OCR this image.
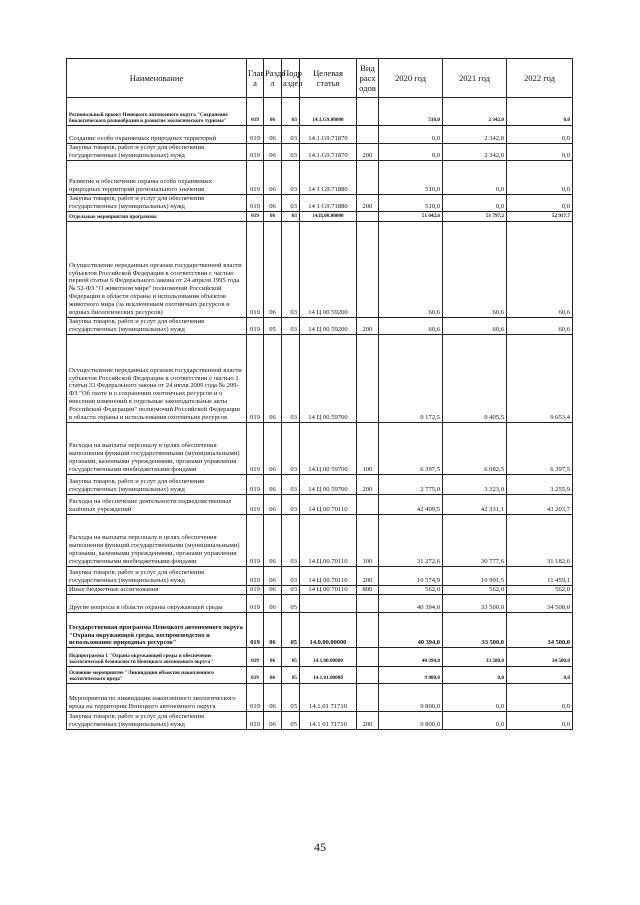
Наименование	Глав а	Разде л	Подр аздел	Целевая статья	Вид расх одов	2020 год	2021 год	2022 год
Региональный проект Ненецкого автономного округа "Сохранение биологического разнообразия и развитие экологического туризма"	019	06	03	14.1.G9.00000		510,0	2 342,0	0,0
Создание особо охраняемых природных территорий	019	06	03	14.1.G9.71870		0,0	2 342,0	0,0
Закупка товаров, работ и услуг для обеспечения государственных (муниципальных) нужд	019	06	03	14.1.G9.71870	200	0,0	2 342,0	0,0
Развитие и обеспечение охраны особо охраняемых природных территорий регионального значения	019	06	03	14 1 G9.71880		510,0	0,0	0,0
Закупка товаров, работ и услуг для обеспечения государственных (муниципальных) нужд	019	06	03	14 1 G9.71880	200	510,0	0,0	0,0
Отдельные мероприятия программы	019	06	03	14.Ц.00.00000		51 642,6	51 797,2	52 917,7
Осуществление переданных органам государственной власти субъектов Российской Федерации в соответствии с частью первой статьи 6 Федерального закона от 24 апреля 1995 года № 52-ФЗ "О животном мире" полномочий Российской Федерации в области охраны и использования объектов животного мира (за исключением охотничьих ресурсов и водных биологических ресурсов)	019	06	03	14 Ц 00 59200		60,6	60,6	60,6
Закупка товаров, работ и услуг для обеспечения государственных (муниципальных) нужд	019	05	03	14 Ц 00 59200	200	60,6	60,6	60,6
Осуществление переданных органам государственной власти субъектов Российской Федерации в соответствии с частью 1 статьи 33 Федерального закона от 24 июля 2009 года № 209-ФЗ "Об охоте и о сохранении охотничьих ресурсов и о внесении изменений в отдельные законодательные акты Российской Федерации" полномочий Российской Федерации в области охраны и использования охотничьих ресурсов	019	06	03	14 Ц 00.59700		9 172,5	9 405,5	9 653,4
Расходы на выплаты персоналу в целях обеспечения выполнения функций государственными (муниципальными) органами, казенными учреждениями, органами управления государственными внебюджетными фондами	019	06	03	14.Ц.00 59700	100	6 397,5	6 082,5	6 397,5
Закупка товаров, работ и услуг для обеспечения государственных (муниципальных) нужд	019	06	03	14 Ц 00 59700	200	2 775,0	3 323,0	3 255,9
Расходы на обеспечение деятельности подведомственных казённых учреждений	019	06	03	14 Ц 00 70110		42 409,5	42 331,1	43 203,7
Расходы на выплаты персоналу в целях обеспечения выполнения функций государственными (муниципальными) органами, казенными учреждениями, органами управления государственными внебюджетными фондами	019	06	03	14.Ц.00.70110	100	31 272,6	30 777,6	31 182,6
Закупка товаров, работ и услуг для обеспечения государственных (муниципальных) нужд	019	06	03	14 Ц 00.70110	200	10 574,9	10 991,5	11 459,1
Иные бюджетные ассигнования	019	06	03	14 Ц 00 70110	800	562,0	562,0	562,0
Другие вопросы в области охраны окружающей среды	019	06	05			40 394,0	33 500,0	34 500,0
Государственная программа Ненецкого автономного округа "Охрана окружающей среды, воспроизводство и использование природных ресурсов"	019	06	05	14.0.00.00000		40 394,0	33 500,0	34 500,0
Подпрограмма 1 "Охрана окружающей среды и обеспечение экологической безопасности Ненецкого автономного округа"	019	06	05	14.1.00.00000		40 394,0	33 500,0	34 500,0
Основное мероприятие "Ликвидация объектов накопленного экологического вреда"	019	06	05	14.1.01.00000		9 800,0	0,0	0,0
Мероприятия по ликвидации накопленного экологического вреда на территории Ненецкого автономного округа	019	06	05	14.1.01 71710		9 800,0	0,0	0,0
Закупка товаров, работ и услуг для обеспечения государственных (муниципальных) нужд	019	06	05	14.1 01 71710	200	9 800,0	0,0	0,0
45
